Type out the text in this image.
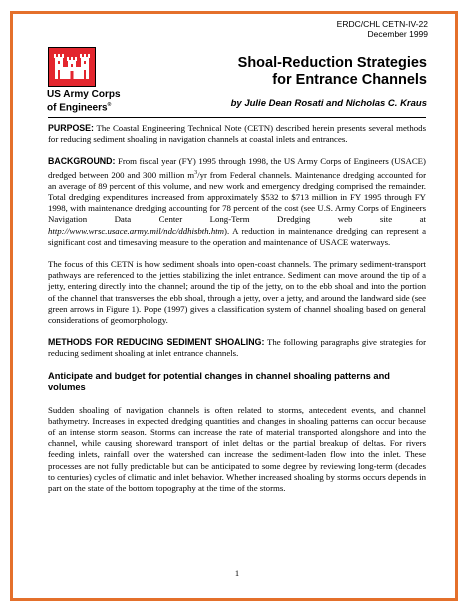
ERDC/CHL CETN-IV-22
December 1999
US Army Corps
of Engineers®
Shoal-Reduction Strategies
for Entrance Channels
by Julie Dean Rosati and Nicholas C. Kraus

PURPOSE: The Coastal Engineering Technical Note (CETN) described herein presents several methods for reducing sediment shoaling in navigation channels at coastal inlets and entrances.

BACKGROUND: From fiscal year (FY) 1995 through 1998, the US Army Corps of Engineers (USACE) dredged between 200 and 300 million $m^3/yr$ from Federal channels. Maintenance dredging accounted for an average of 89 percent of this volume, and new work and emergency dredging comprised the remainder. Total dredging expenditures increased from approximately $532 to $713 million in FY 1995 through FY 1998, with maintenance dredging accounting for 78 percent of the cost (see U.S. Army Corps of Engineers Navigation Data Center Long-Term Dredging web site at http://www.wrsc.usace.army.mil/ndc/ddhisbth.htm). A reduction in maintenance dredging can represent a significant cost and timesaving measure to the operation and maintenance of USACE waterways.

The focus of this CETN is how sediment shoals into open-coast channels. The primary sediment-transport pathways are referenced to the jetties stabilizing the inlet entrance. Sediment can move around the tip of a jetty, entering directly into the channel; around the tip of the jetty, on to the ebb shoal and into the portion of the channel that transverses the ebb shoal, through a jetty, over a jetty, and around the landward side (see green arrows in Figure 1). Pope (1997) gives a classification system of channel shoaling based on general considerations of geomorphology.

METHODS FOR REDUCING SEDIMENT SHOALING: The following paragraphs give strategies for reducing sediment shoaling at inlet entrance channels.

Anticipate and budget for potential changes in channel shoaling patterns and volumes

Sudden shoaling of navigation channels is often related to storms, antecedent events, and channel bathymetry. Increases in expected dredging quantities and changes in shoaling patterns can occur because of an intense storm season. Storms can increase the rate of material transported alongshore and into the channel, while causing shoreward transport of inlet deltas or the partial breakup of deltas. For rivers feeding inlets, rainfall over the watershed can increase the sediment-laden flow into the inlet. These processes are not fully predictable but can be anticipated to some degree by reviewing long-term (decades to centuries) cycles of climatic and inlet behavior. Whether increased shoaling by storms occurs depends in part on the state of the bottom topography at the time of the storms.

1
